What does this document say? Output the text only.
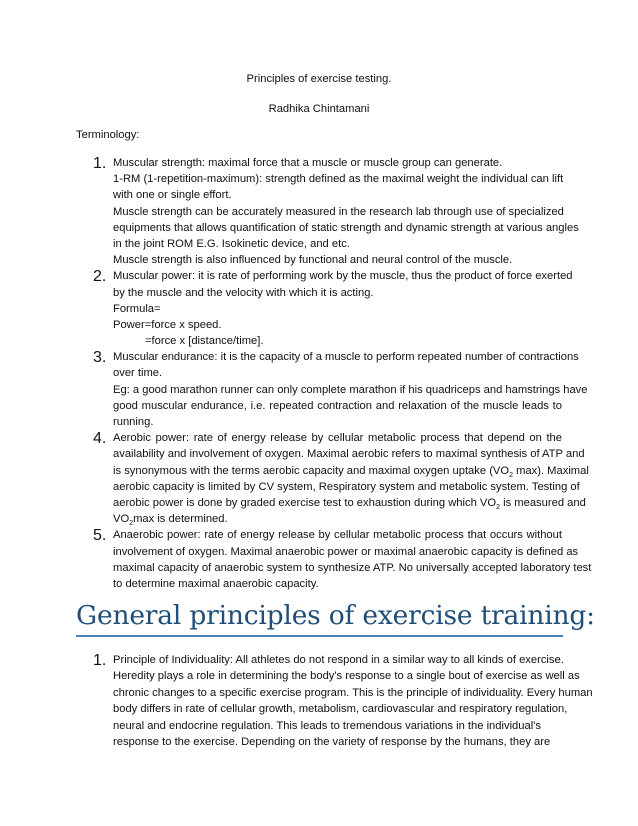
Principles of exercise testing.
Radhika Chintamani
Terminology:
1. Muscular strength: maximal force that a muscle or muscle group can generate.
1-RM (1-repetition-maximum): strength defined as the maximal weight the individual can lift
with one or single effort.
Muscle strength can be accurately measured in the research lab through use of specialized
equipments that allows quantification of static strength and dynamic strength at various angles
in the joint ROM E.G. Isokinetic device, and etc.
Muscle strength is also influenced by functional and neural control of the muscle.
2. Muscular power: it is rate of performing work by the muscle, thus the product of force exerted
by the muscle and the velocity with which it is acting.
Formula=
Power=force x speed.
=force x [distance/time].
3. Muscular endurance: it is the capacity of a muscle to perform repeated number of contractions
over time.
Eg: a good marathon runner can only complete marathon if his quadriceps and hamstrings have
good muscular endurance, i.e. repeated contraction and relaxation of the muscle leads to
running.
4. Aerobic power: rate of energy release by cellular metabolic process that depend on the
availability and involvement of oxygen. Maximal aerobic refers to maximal synthesis of ATP and
is synonymous with the terms aerobic capacity and maximal oxygen uptake ($VO_2$ max). Maximal
aerobic capacity is limited by CV system, Respiratory system and metabolic system. Testing of
aerobic power is done by graded exercise test to exhaustion during which $VO_2$ is measured and
$VO_2\max$ is determined.
5. Anaerobic power: rate of energy release by cellular metabolic process that occurs without
involvement of oxygen. Maximal anaerobic power or maximal anaerobic capacity is defined as
maximal capacity of anaerobic system to synthesize ATP. No universally accepted laboratory test
to determine maximal anaerobic capacity.
General principles of exercise training:
1. Principle of Individuality: All athletes do not respond in a similar way to all kinds of exercise.
Heredity plays a role in determining the body's response to a single bout of exercise as well as
chronic changes to a specific exercise program. This is the principle of individuality. Every human
body differs in rate of cellular growth, metabolism, cardiovascular and respiratory regulation,
neural and endocrine regulation. This leads to tremendous variations in the individual's
response to the exercise. Depending on the variety of response by the humans, they are
